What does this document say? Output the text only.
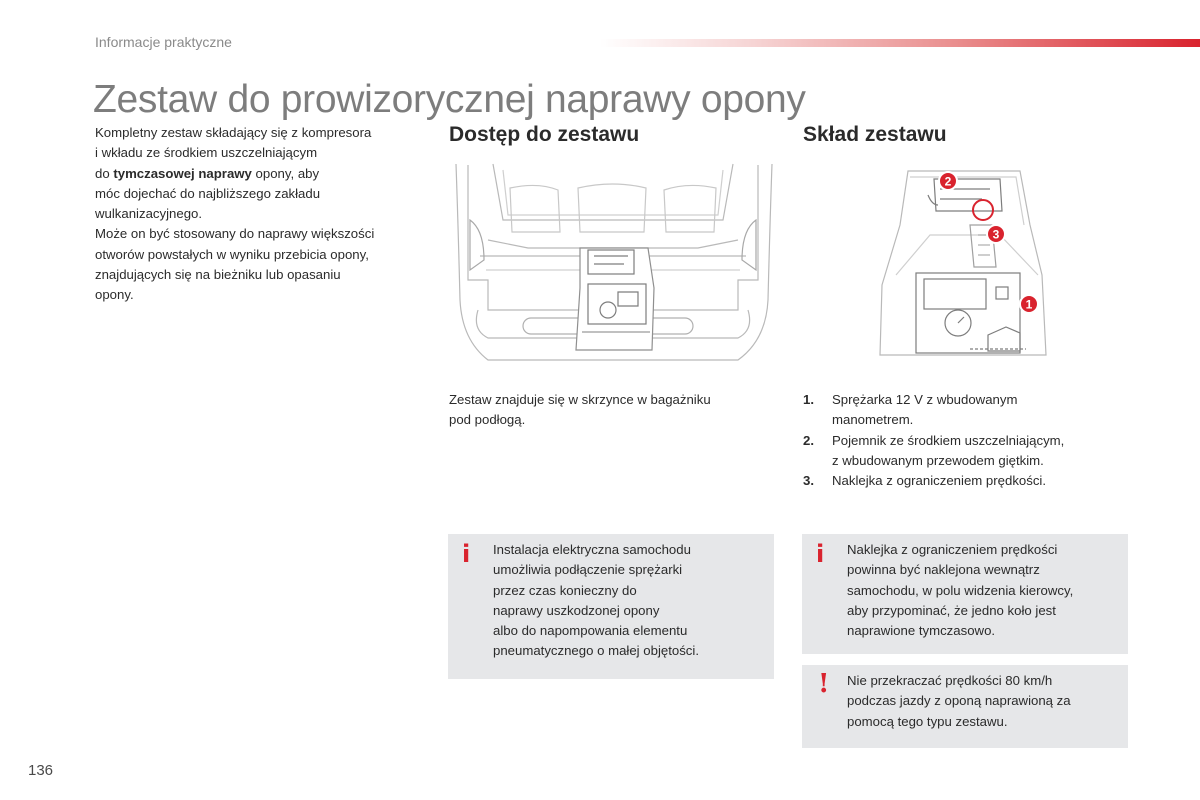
Informacje praktyczne
Zestaw do prowizorycznej naprawy opony
Kompletny zestaw składający się z kompresora
i wkładu ze środkiem uszczelniającym
do tymczasowej naprawy opony, aby
móc dojechać do najbliższego zakładu
wulkanizacyjnego.
Może on być stosowany do naprawy większości
otworów powstałych w wyniku przebicia opony,
znajdujących się na bieżniku lub opasaniu
opony.
Dostęp do zestawu
Zestaw znajduje się w skrzynce w bagażniku
pod podłogą.
Skład zestawu
2
3
1
1.	Sprężarka 12 V z wbudowanym
manometrem.
2.	Pojemnik ze środkiem uszczelniającym,
z wbudowanym przewodem giętkim.
3.	Naklejka z ograniczeniem prędkości.
i Instalacja elektryczna samochodu
umożliwia podłączenie sprężarki
przez czas konieczny do
naprawy uszkodzonej opony
albo do napompowania elementu
pneumatycznego o małej objętości.
i Naklejka z ograniczeniem prędkości
powinna być naklejona wewnątrz
samochodu, w polu widzenia kierowcy,
aby przypominać, że jedno koło jest
naprawione tymczasowo.
! Nie przekraczać prędkości 80 km/h
podczas jazdy z oponą naprawioną za
pomocą tego typu zestawu.
136
